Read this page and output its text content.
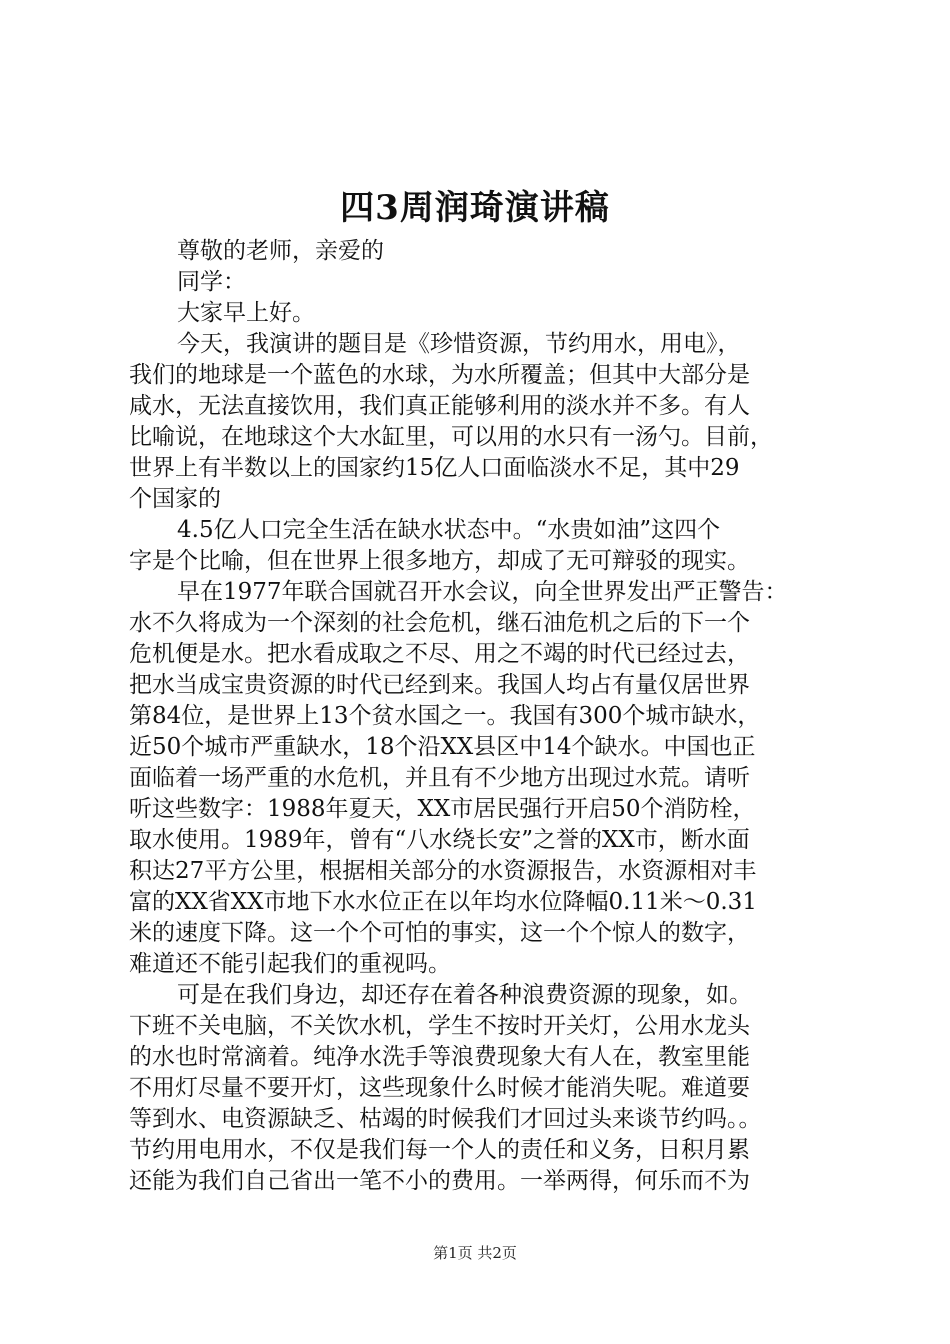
四3周润琦演讲稿
尊敬的老师，亲爱的
同学：
大家早上好。
今天，我演讲的题目是《珍惜资源，节约用水，用电》，
我们的地球是一个蓝色的水球，为水所覆盖；但其中大部分是
咸水，无法直接饮用，我们真正能够利用的淡水并不多。有人
比喻说，在地球这个大水缸里，可以用的水只有一汤勺。目前，
世界上有半数以上的国家约15亿人口面临淡水不足，其中29
个国家的
4.5亿人口完全生活在缺水状态中。“水贵如油”这四个
字是个比喻，但在世界上很多地方，却成了无可辩驳的现实。
早在1977年联合国就召开水会议，向全世界发出严正警告：
水不久将成为一个深刻的社会危机，继石油危机之后的下一个
危机便是水。把水看成取之不尽、用之不竭的时代已经过去，
把水当成宝贵资源的时代已经到来。我国人均占有量仅居世界
第84位，是世界上13个贫水国之一。我国有300个城市缺水，
近50个城市严重缺水，18个沿XX县区中14个缺水。中国也正
面临着一场严重的水危机，并且有不少地方出现过水荒。请听
听这些数字：1988年夏天，XX市居民强行开启50个消防栓，
取水使用。1989年，曾有“八水绕长安”之誉的XX市，断水面
积达27平方公里，根据相关部分的水资源报告，水资源相对丰
富的XX省XX市地下水水位正在以年均水位降幅0.11米～0.31
米的速度下降。这一个个可怕的事实，这一个个惊人的数字，
难道还不能引起我们的重视吗。
可是在我们身边，却还存在着各种浪费资源的现象，如。
下班不关电脑，不关饮水机，学生不按时开关灯，公用水龙头
的水也时常滴着。纯净水洗手等浪费现象大有人在，教室里能
不用灯尽量不要开灯，这些现象什么时候才能消失呢。难道要
等到水、电资源缺乏、枯竭的时候我们才回过头来谈节约吗。。
节约用电用水，不仅是我们每一个人的责任和义务，日积月累
还能为我们自己省出一笔不小的费用。一举两得，何乐而不为
第1页 共2页
